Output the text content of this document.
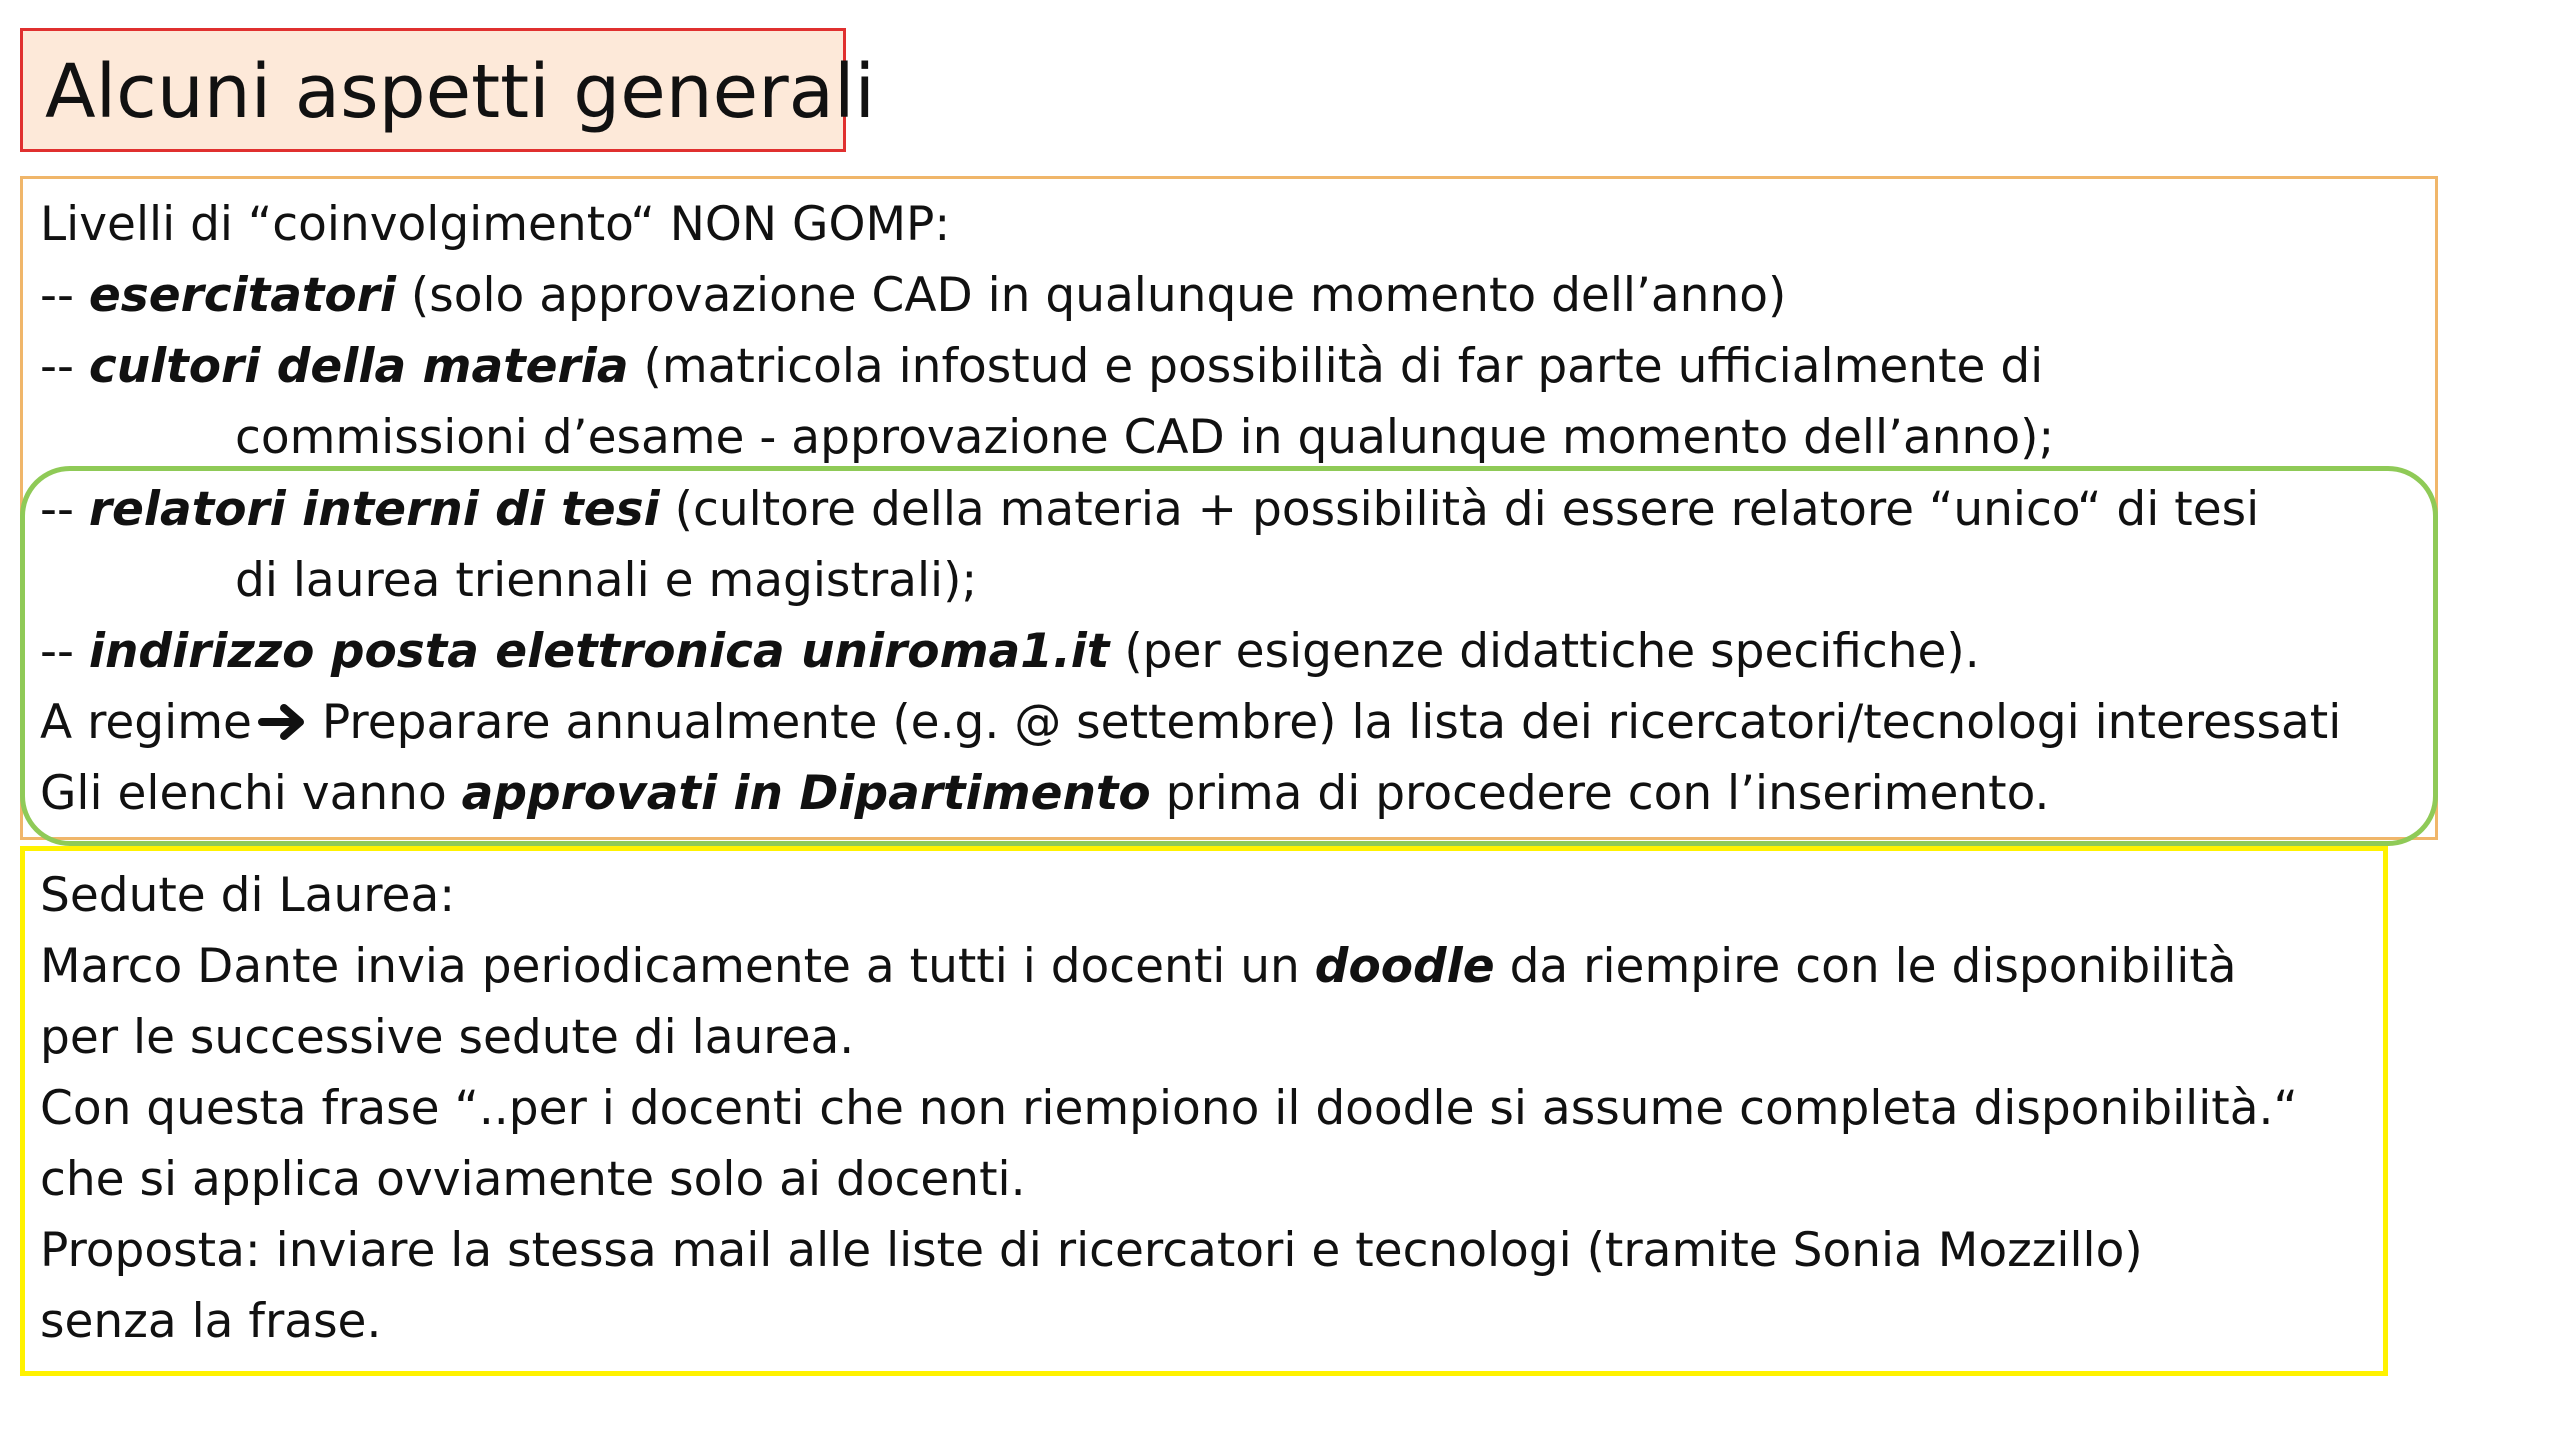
Alcuni aspetti generali
Livelli di “coinvolgimento“ NON GOMP:
-- esercitatori (solo approvazione CAD in qualunque momento dell’anno)
-- cultori della materia (matricola infostud e possibilità di far parte ufficialmente di
commissioni d’esame - approvazione CAD in qualunque momento dell’anno);
-- relatori interni di tesi (cultore della materia + possibilità di essere relatore “unico“ di tesi
di laurea triennali e magistrali);
-- indirizzo posta elettronica uniroma1.it (per esigenze didattiche specifiche).
A regime Preparare annualmente (e.g. @ settembre) la lista dei ricercatori/tecnologi interessati
Gli elenchi vanno approvati in Dipartimento prima di procedere con l’inserimento.
Sedute di Laurea:
Marco Dante invia periodicamente a tutti i docenti un doodle da riempire con le disponibilità
per le successive sedute di laurea.
Con questa frase “..per i docenti che non riempiono il doodle si assume completa disponibilità.“
che si applica ovviamente solo ai docenti.
Proposta: inviare la stessa mail alle liste di ricercatori e tecnologi (tramite Sonia Mozzillo)
senza la frase.
